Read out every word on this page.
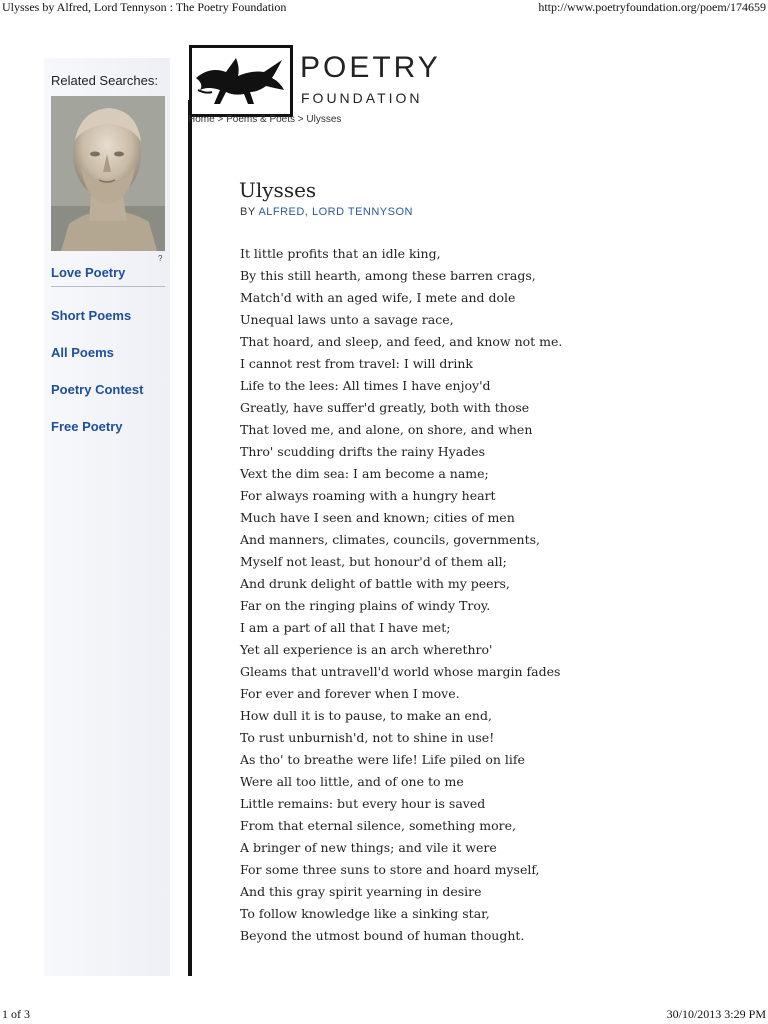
Ulysses by Alfred, Lord Tennyson : The Poetry Foundation	http://www.poetryfoundation.org/poem/174659
Related Searches:
?
Love Poetry
Short Poems
All Poems
Poetry Contest
Free Poetry
POETRY
FOUNDATION
Home > Poems & Poets > Ulysses
Ulysses
BY ALFRED, LORD TENNYSON
It little profits that an idle king,
By this still hearth, among these barren crags,
Match'd with an aged wife, I mete and dole
Unequal laws unto a savage race,
That hoard, and sleep, and feed, and know not me.
I cannot rest from travel: I will drink
Life to the lees: All times I have enjoy'd
Greatly, have suffer'd greatly, both with those
That loved me, and alone, on shore, and when
Thro' scudding drifts the rainy Hyades
Vext the dim sea: I am become a name;
For always roaming with a hungry heart
Much have I seen and known; cities of men
And manners, climates, councils, governments,
Myself not least, but honour'd of them all;
And drunk delight of battle with my peers,
Far on the ringing plains of windy Troy.
I am a part of all that I have met;
Yet all experience is an arch wherethro'
Gleams that untravell'd world whose margin fades
For ever and forever when I move.
How dull it is to pause, to make an end,
To rust unburnish'd, not to shine in use!
As tho' to breathe were life! Life piled on life
Were all too little, and of one to me
Little remains: but every hour is saved
From that eternal silence, something more,
A bringer of new things; and vile it were
For some three suns to store and hoard myself,
And this gray spirit yearning in desire
To follow knowledge like a sinking star,
Beyond the utmost bound of human thought.
1 of 3	30/10/2013 3:29 PM
